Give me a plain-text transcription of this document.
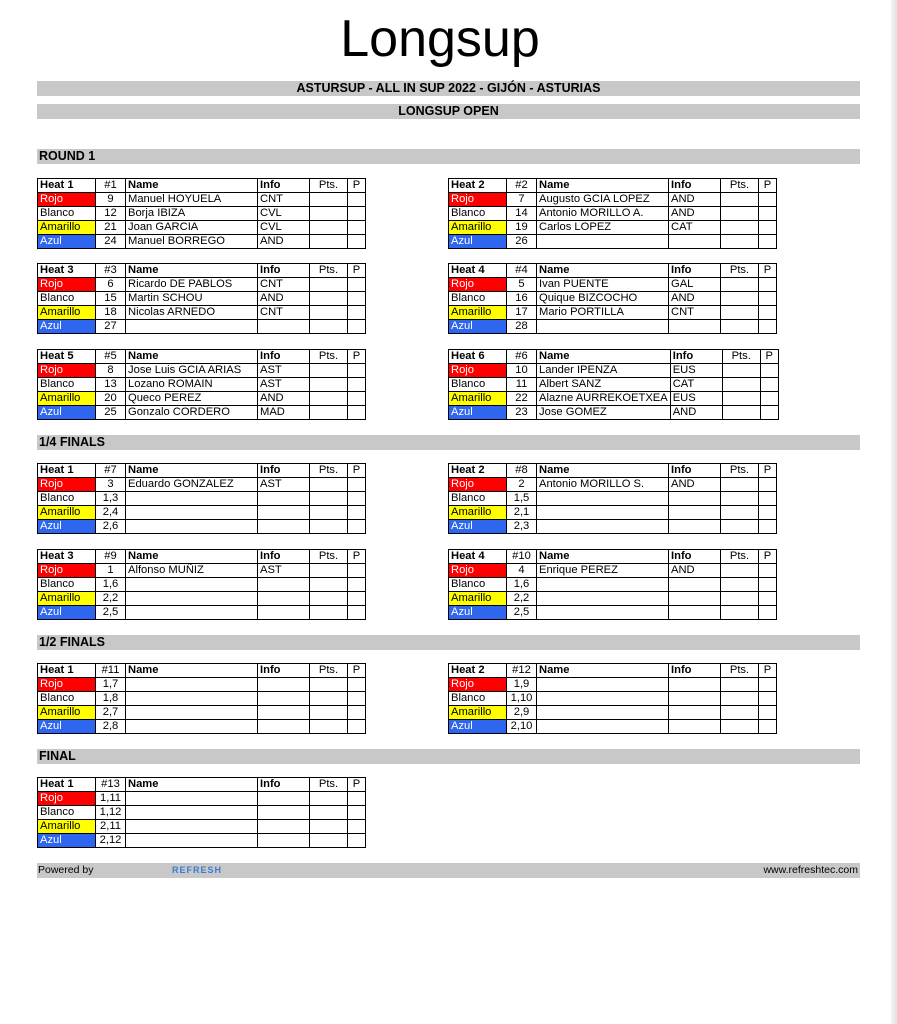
Longsup
ASTURSUP - ALL IN SUP 2022 - GIJÓN - ASTURIAS
LONGSUP OPEN
ROUND 1
1/4 FINALS
1/2 FINALS
FINAL
Heat 1	#1	Name	Info	Pts.	P
Rojo	9	Manuel HOYUELA	CNT		
Blanco	12	Borja IBIZA	CVL		
Amarillo	21	Joan GARCIA	CVL		
Azul	24	Manuel BORREGO	AND		
Heat 2	#2	Name	Info	Pts.	P
Rojo	7	Augusto GCIA LOPEZ	AND		
Blanco	14	Antonio MORILLO A.	AND		
Amarillo	19	Carlos LOPEZ	CAT		
Azul	26				
Heat 3	#3	Name	Info	Pts.	P
Rojo	6	Ricardo DE PABLOS	CNT		
Blanco	15	Martin SCHOU	AND		
Amarillo	18	Nicolas ARNEDO	CNT		
Azul	27				
Heat 4	#4	Name	Info	Pts.	P
Rojo	5	Ivan PUENTE	GAL		
Blanco	16	Quique BIZCOCHO	AND		
Amarillo	17	Mario PORTILLA	CNT		
Azul	28				
Heat 5	#5	Name	Info	Pts.	P
Rojo	8	Jose Luis GCIA ARIAS	AST		
Blanco	13	Lozano ROMAIN	AST		
Amarillo	20	Queco PEREZ	AND		
Azul	25	Gonzalo CORDERO	MAD		
Heat 6	#6	Name	Info	Pts.	P
Rojo	10	Lander IPENZA	EUS		
Blanco	11	Albert SANZ	CAT		
Amarillo	22	Alazne AURREKOETXEA	EUS		
Azul	23	Jose GOMEZ	AND		
Heat 1	#7	Name	Info	Pts.	P
Rojo	3	Eduardo GONZALEZ	AST		
Blanco	1,3				
Amarillo	2,4				
Azul	2,6				
Heat 2	#8	Name	Info	Pts.	P
Rojo	2	Antonio MORILLO S.	AND		
Blanco	1,5				
Amarillo	2,1				
Azul	2,3				
Heat 3	#9	Name	Info	Pts.	P
Rojo	1	Alfonso MUÑIZ	AST		
Blanco	1,6				
Amarillo	2,2				
Azul	2,5				
Heat 4	#10	Name	Info	Pts.	P
Rojo	4	Enrique PEREZ	AND		
Blanco	1,6				
Amarillo	2,2				
Azul	2,5				
Heat 1	#11	Name	Info	Pts.	P
Rojo	1,7				
Blanco	1,8				
Amarillo	2,7				
Azul	2,8				
Heat 2	#12	Name	Info	Pts.	P
Rojo	1,9				
Blanco	1,10				
Amarillo	2,9				
Azul	2,10				
Heat 1	#13	Name	Info	Pts.	P
Rojo	1,11				
Blanco	1,12				
Amarillo	2,11				
Azul	2,12				
Powered by	REFRESH	www.refreshtec.com
